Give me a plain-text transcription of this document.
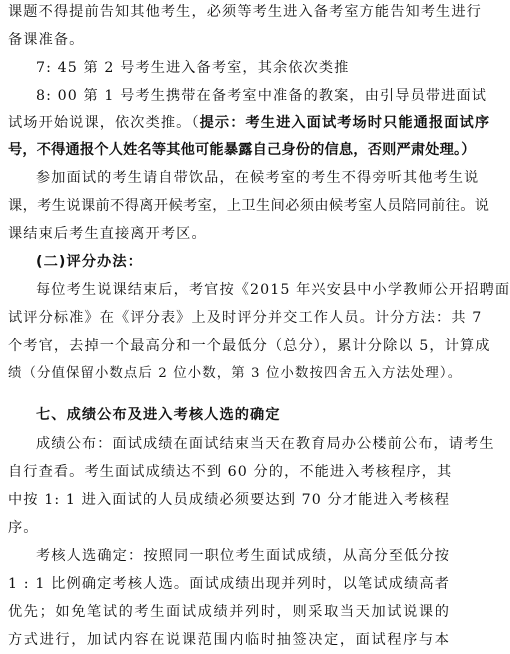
课题不得提前告知其他考生，必须等考生进入备考室方能告知考生进行
备课准备。
7: 45 第 2 号考生进入备考室，其余依次类推
8: 00 第 1 号考生携带在备考室中准备的教案，由引导员带进面试
试场开始说课，依次类推。（提示：考生进入面试考场时只能通报面试序
号，不得通报个人姓名等其他可能暴露自己身份的信息，否则严肃处理。）
参加面试的考生请自带饮品，在候考室的考生不得旁听其他考生说
课，考生说课前不得离开候考室，上卫生间必须由候考室人员陪同前往。说
课结束后考生直接离开考区。
(二)评分办法：
每位考生说课结束后，考官按《2015 年兴安县中小学教师公开招聘面
试评分标准》在《评分表》上及时评分并交工作人员。计分方法：共 7
个考官，去掉一个最高分和一个最低分（总分），累计分除以 5，计算成
绩（分值保留小数点后 2 位小数，第 3 位小数按四舍五入方法处理）。
七、成绩公布及进入考核人选的确定
成绩公布：面试成绩在面试结束当天在教育局办公楼前公布，请考生
自行查看。考生面试成绩达不到 60 分的，不能进入考核程序，其
中按 1: 1 进入面试的人员成绩必须要达到 70 分才能进入考核程
序。
考核人选确定：按照同一职位考生面试成绩，从高分至低分按
1 : 1 比例确定考核人选。面试成绩出现并列时，以笔试成绩高者
优先；如免笔试的考生面试成绩并列时，则采取当天加试说课的
方式进行，加试内容在说课范围内临时抽签决定，面试程序与本
